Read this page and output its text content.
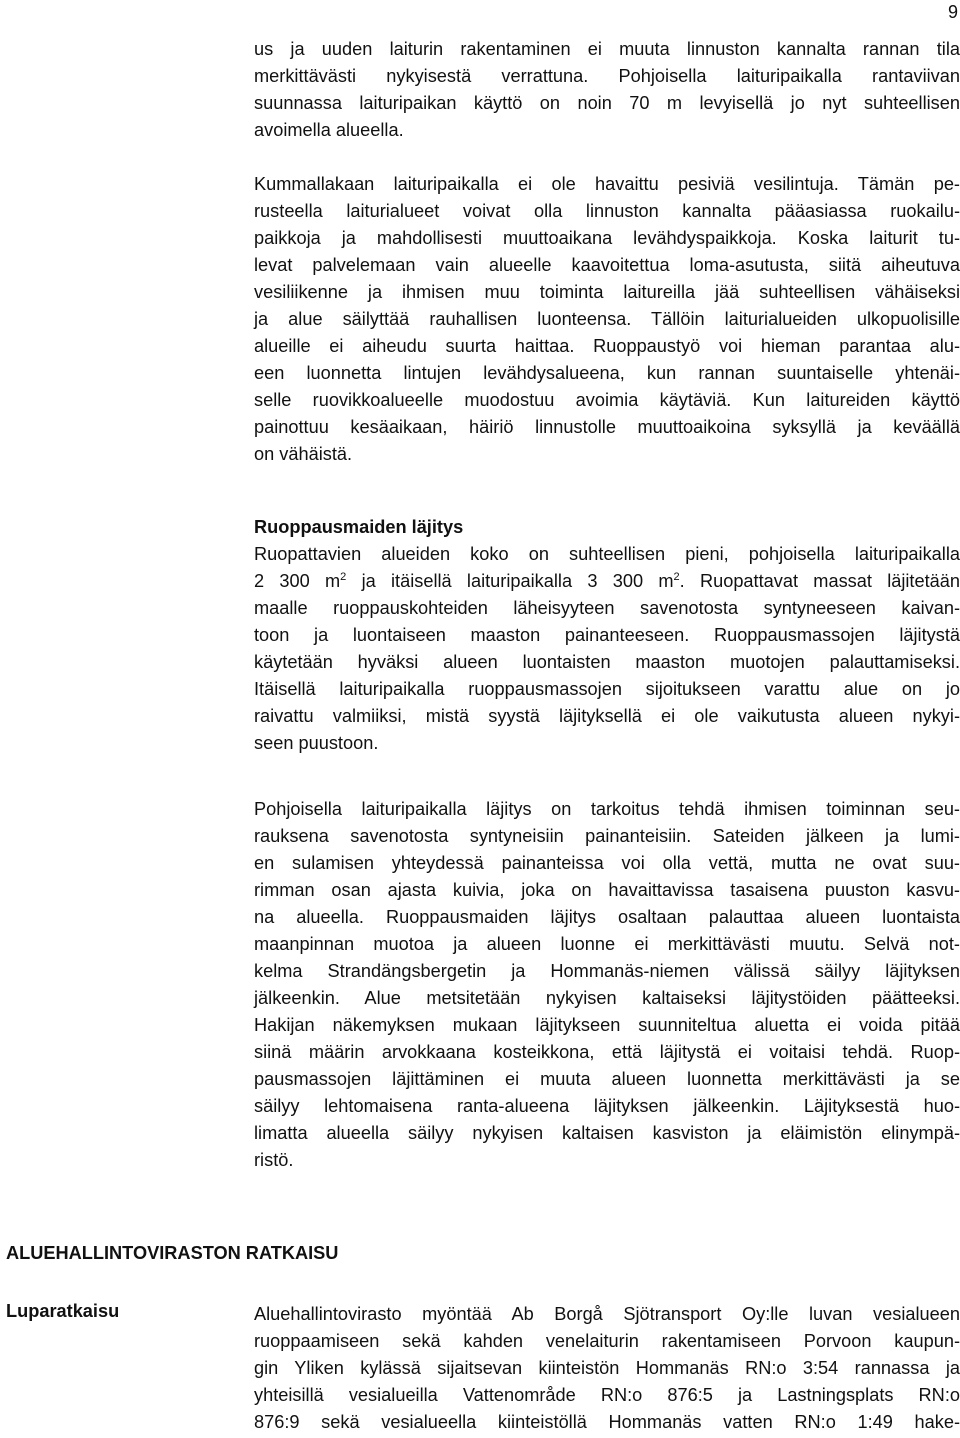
9

us ja uuden laiturin rakentaminen ei muuta linnuston kannalta rannan tila

merkittävästi nykyisestä verrattuna. Pohjoisella laituripaikalla rantaviivan

suunnassa laituripaikan käyttö on noin 70 m levyisellä jo nyt suhteellisen

avoimella alueella.

Kummallakaan laituripaikalla ei ole havaittu pesiviä vesilintuja. Tämän pe-

rusteella laiturialueet voivat olla linnuston kannalta pääasiassa ruokailu-

paikkoja ja mahdollisesti muuttoaikana levähdyspaikkoja. Koska laiturit tu-

levat palvelemaan vain alueelle kaavoitettua loma-asutusta, siitä aiheutuva

vesiliikenne ja ihmisen muu toiminta laitureilla jää suhteellisen vähäiseksi

ja alue säilyttää rauhallisen luonteensa. Tällöin laiturialueiden ulkopuolisille

alueille ei aiheudu suurta haittaa. Ruoppaustyö voi hieman parantaa alu-

een luonnetta lintujen levähdysalueena, kun rannan suuntaiselle yhtenäi-

selle ruovikkoalueelle muodostuu avoimia käytäviä. Kun laitureiden käyttö

painottuu kesäaikaan, häiriö linnustolle muuttoaikoina syksyllä ja keväällä

on vähäistä.

Ruoppausmaiden läjitys

Ruopattavien alueiden koko on suhteellisen pieni, pohjoisella laituripaikalla

2 300 $m^2$ ja itäisellä laituripaikalla 3 300 $m^2$. Ruopattavat massat läjitetään

maalle ruoppauskohteiden läheisyyteen savenotosta syntyneeseen kaivan-

toon ja luontaiseen maaston painanteeseen. Ruoppausmassojen läjitystä

käytetään hyväksi alueen luontaisten maaston muotojen palauttamiseksi.

Itäisellä laituripaikalla ruoppausmassojen sijoitukseen varattu alue on jo

raivattu valmiiksi, mistä syystä läjityksellä ei ole vaikutusta alueen nykyi-

seen puustoon.

Pohjoisella laituripaikalla läjitys on tarkoitus tehdä ihmisen toiminnan seu-

rauksena savenotosta syntyneisiin painanteisiin. Sateiden jälkeen ja lumi-

en sulamisen yhteydessä painanteissa voi olla vettä, mutta ne ovat suu-

rimman osan ajasta kuivia, joka on havaittavissa tasaisena puuston kasvu-

na alueella. Ruoppausmaiden läjitys osaltaan palauttaa alueen luontaista

maanpinnan muotoa ja alueen luonne ei merkittävästi muutu. Selvä not-

kelma Strandängsbergetin ja Hommanäs-niemen välissä säilyy läjityksen

jälkeenkin. Alue metsitetään nykyisen kaltaiseksi läjitystöiden päätteeksi.

Hakijan näkemyksen mukaan läjitykseen suunniteltua aluetta ei voida pitää

siinä määrin arvokkaana kosteikkona, että läjitystä ei voitaisi tehdä. Ruop-

pausmassojen läjittäminen ei muuta alueen luonnetta merkittävästi ja se

säilyy lehtomaisena ranta-alueena läjityksen jälkeenkin. Läjityksestä huo-

limatta alueella säilyy nykyisen kaltaisen kasviston ja eläimistön elinympä-

ristö.

ALUEHALLINTOVIRASTON RATKAISU
Luparatkaisu	Aluehallintovirasto myöntää Ab Borgå Sjötransport Oy:lle luvan vesialueen

ruoppaamiseen sekä kahden venelaiturin rakentamiseen Porvoon kaupun-

gin Yliken kylässä sijaitsevan kiinteistön Hommanäs RN:o 3:54 rannassa ja

yhteisillä vesialueilla Vattenområde RN:o 876:5 ja Lastningsplats RN:o

876:9 sekä vesialueella kiinteistöllä Hommanäs vatten RN:o 1:49 hake-
